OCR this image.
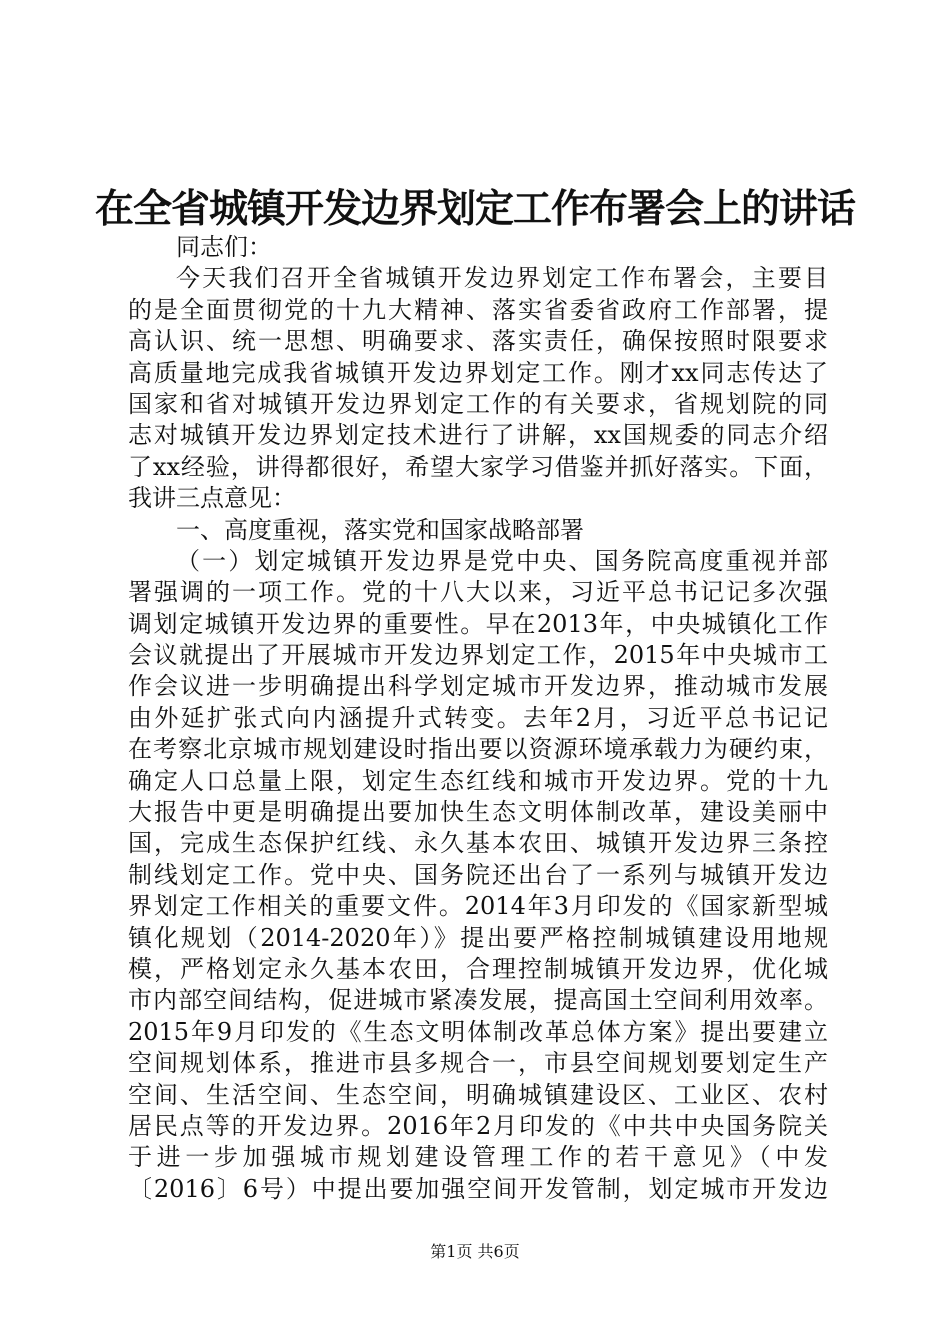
在全省城镇开发边界划定工作布署会上的讲话
同志们：
今天我们召开全省城镇开发边界划定工作布署会，主要目
的是全面贯彻党的十九大精神、落实省委省政府工作部署，提
高认识、统一思想、明确要求、落实责任，确保按照时限要求
高质量地完成我省城镇开发边界划定工作。刚才xx同志传达了
国家和省对城镇开发边界划定工作的有关要求，省规划院的同
志对城镇开发边界划定技术进行了讲解，xx国规委的同志介绍
了xx经验，讲得都很好，希望大家学习借鉴并抓好落实。下面，
我讲三点意见：
一、高度重视，落实党和国家战略部署
（一）划定城镇开发边界是党中央、国务院高度重视并部
署强调的一项工作。党的十八大以来，习近平总书记记多次强
调划定城镇开发边界的重要性。早在2013年，中央城镇化工作
会议就提出了开展城市开发边界划定工作，2015年中央城市工
作会议进一步明确提出科学划定城市开发边界，推动城市发展
由外延扩张式向内涵提升式转变。去年2月，习近平总书记记
在考察北京城市规划建设时指出要以资源环境承载力为硬约束，
确定人口总量上限，划定生态红线和城市开发边界。党的十九
大报告中更是明确提出要加快生态文明体制改革，建设美丽中
国，完成生态保护红线、永久基本农田、城镇开发边界三条控
制线划定工作。党中央、国务院还出台了一系列与城镇开发边
界划定工作相关的重要文件。2014年3月印发的《国家新型城
镇化规划（2014-2020年）》提出要严格控制城镇建设用地规
模，严格划定永久基本农田，合理控制城镇开发边界，优化城
市内部空间结构，促进城市紧凑发展，提高国土空间利用效率。
2015年9月印发的《生态文明体制改革总体方案》提出要建立
空间规划体系，推进市县多规合一，市县空间规划要划定生产
空间、生活空间、生态空间，明确城镇建设区、工业区、农村
居民点等的开发边界。2016年2月印发的《中共中央国务院关
于进一步加强城市规划建设管理工作的若干意见》（中发
〔2016〕6号）中提出要加强空间开发管制，划定城市开发边
第1页 共6页
